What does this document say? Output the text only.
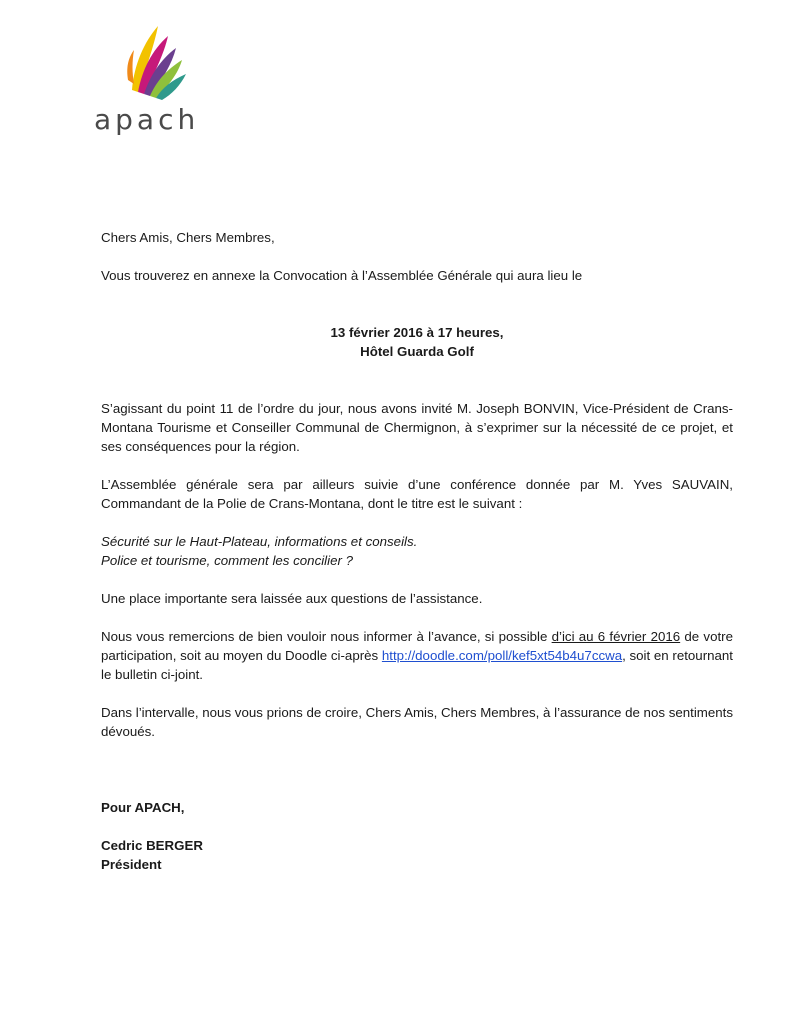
apach

Chers Amis, Chers Membres,

Vous trouverez en annexe la Convocation à l’Assemblée Générale qui aura lieu le

13 février 2016 à 17 heures,

Hôtel Guarda Golf

S’agissant du point 11 de l’ordre du jour, nous avons invité M. Joseph BONVIN, Vice-Président de Crans-Montana Tourisme et Conseiller Communal de Chermignon, à s’exprimer sur la nécessité de ce projet, et ses conséquences pour la région.

L’Assemblée générale sera par ailleurs suivie d’une conférence donnée par M. Yves SAUVAIN, Commandant de la Polie de Crans-Montana, dont le titre est le suivant :

Sécurité sur le Haut-Plateau, informations et conseils.

Police et tourisme, comment les concilier ?

Une place importante sera laissée aux questions de l’assistance.

Nous vous remercions de bien vouloir nous informer à l’avance, si possible d’ici au 6 février 2016 de votre participation, soit au moyen du Doodle ci-après http://doodle.com/poll/kef5xt54b4u7ccwa, soit en retournant le bulletin ci-joint.

Dans l’intervalle, nous vous prions de croire, Chers Amis, Chers Membres, à l’assurance de nos sentiments dévoués.

Pour APACH,

Cedric BERGER

Président
